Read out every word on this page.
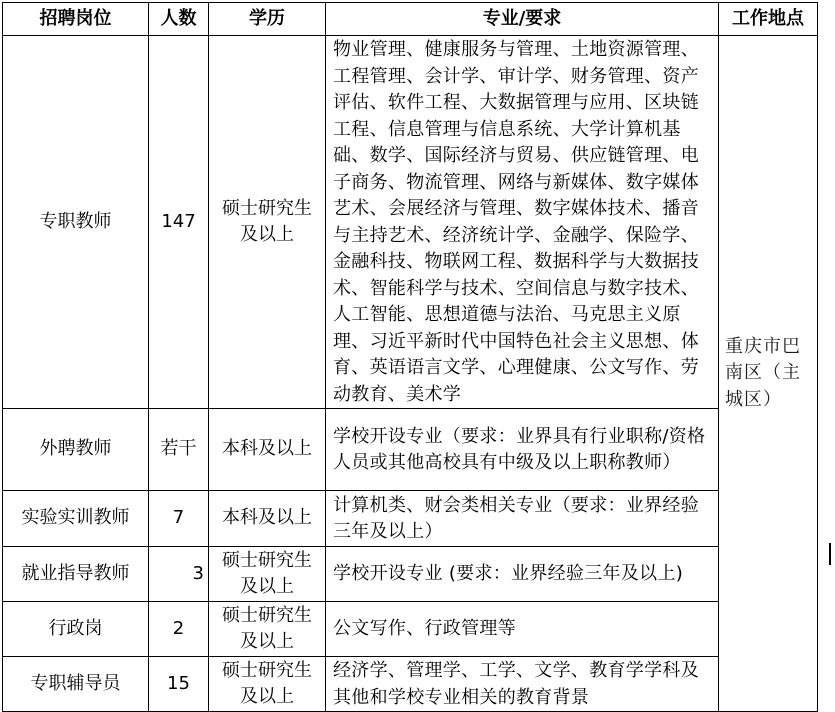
招聘岗位	人数	学历	专业/要求	工作地点
专职教师	147	硕士研究生及以上	物业管理、健康服务与管理、土地资源管理、工程管理、会计学、审计学、财务管理、资产评估、软件工程、大数据管理与应用、区块链工程、信息管理与信息系统、大学计算机基础、数学、国际经济与贸易、供应链管理、电子商务、物流管理、网络与新媒体、数字媒体艺术、会展经济与管理、数字媒体技术、播音与主持艺术、经济统计学、金融学、保险学、金融科技、物联网工程、数据科学与大数据技术、智能科学与技术、空间信息与数字技术、人工智能、思想道德与法治、马克思主义原理、习近平新时代中国特色社会主义思想、体育、英语语言文学、心理健康、公文写作、劳动教育、美术学	重庆市巴南区（主城区）
外聘教师	若干	本科及以上	学校开设专业（要求：业界具有行业职称/资格人员或其他高校具有中级及以上职称教师）	
实验实训教师	7	本科及以上	计算机类、财会类相关专业（要求：业界经验三年及以上）	
就业指导教师	3	硕士研究生及以上	学校开设专业 (要求：业界经验三年及以上)	
行政岗	2	硕士研究生及以上	公文写作、行政管理等	
专职辅导员	15	硕士研究生及以上	经济学、管理学、工学、文学、教育学学科及其他和学校专业相关的教育背景	
